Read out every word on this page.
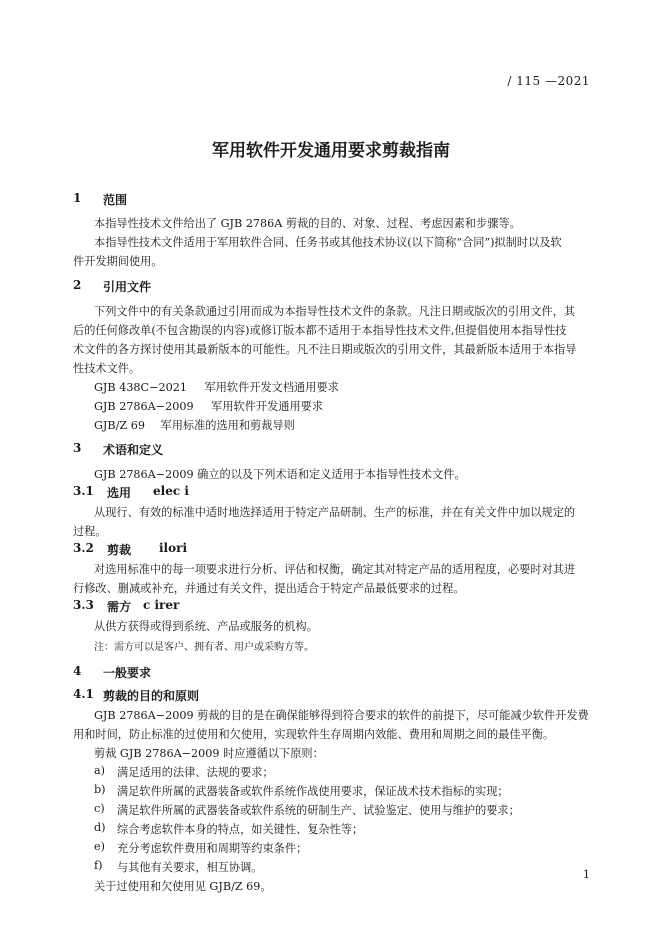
/ 115 —2021
军用软件开发通用要求剪裁指南
1 范围
本指导性技术文件给出了 GJB 2786A 剪裁的目的、对象、过程、考虑因素和步骤等。
本指导性技术文件适用于军用软件合同、任务书或其他技术协议(以下简称“合同”)拟制时以及软
件开发期间使用。
2 引用文件
下列文件中的有关条款通过引用而成为本指导性技术文件的条款。凡注日期或版次的引用文件，其
后的任何修改单(不包含勘误的内容)或修订版本都不适用于本指导性技术文件,但提倡使用本指导性技
术文件的各方探讨使用其最新版本的可能性。凡不注日期或版次的引用文件，其最新版本适用于本指导
性技术文件。
GJB 438C−2021 军用软件开发文档通用要求
GJB 2786A−2009 军用软件开发通用要求
GJB/Z 69 军用标准的选用和剪裁导则
3 术语和定义
GJB 2786A−2009 确立的以及下列术语和定义适用于本指导性技术文件。
3.1 选用 elec i
从现行、有效的标准中适时地选择适用于特定产品研制、生产的标准，并在有关文件中加以规定的
过程。
3.2 剪裁 ilori
对选用标准中的每一项要求进行分析、评估和权衡，确定其对特定产品的适用程度，必要时对其进
行修改、删减或补充，并通过有关文件，提出适合于特定产品最低要求的过程。
3.3 需方 c irer
从供方获得或得到系统、产品或服务的机构。
注：需方可以是客户、拥有者、用户或采购方等。
4 一般要求
4.1 剪裁的目的和原则
GJB 2786A−2009 剪裁的目的是在确保能够得到符合要求的软件的前提下，尽可能减少软件开发费
用和时间，防止标准的过使用和欠使用，实现软件生存周期内效能、费用和周期之间的最佳平衡。
剪裁 GJB 2786A−2009 时应遵循以下原则：
a) 满足适用的法律、法规的要求；
b) 满足软件所属的武器装备或软件系统作战使用要求，保证战术技术指标的实现；
c) 满足软件所属的武器装备或软件系统的研制生产、试验鉴定、使用与维护的要求；
d) 综合考虑软件本身的特点，如关键性、复杂性等；
e) 充分考虑软件费用和周期等约束条件；
f) 与其他有关要求，相互协调。
关于过使用和欠使用见 GJB/Z 69。
1
